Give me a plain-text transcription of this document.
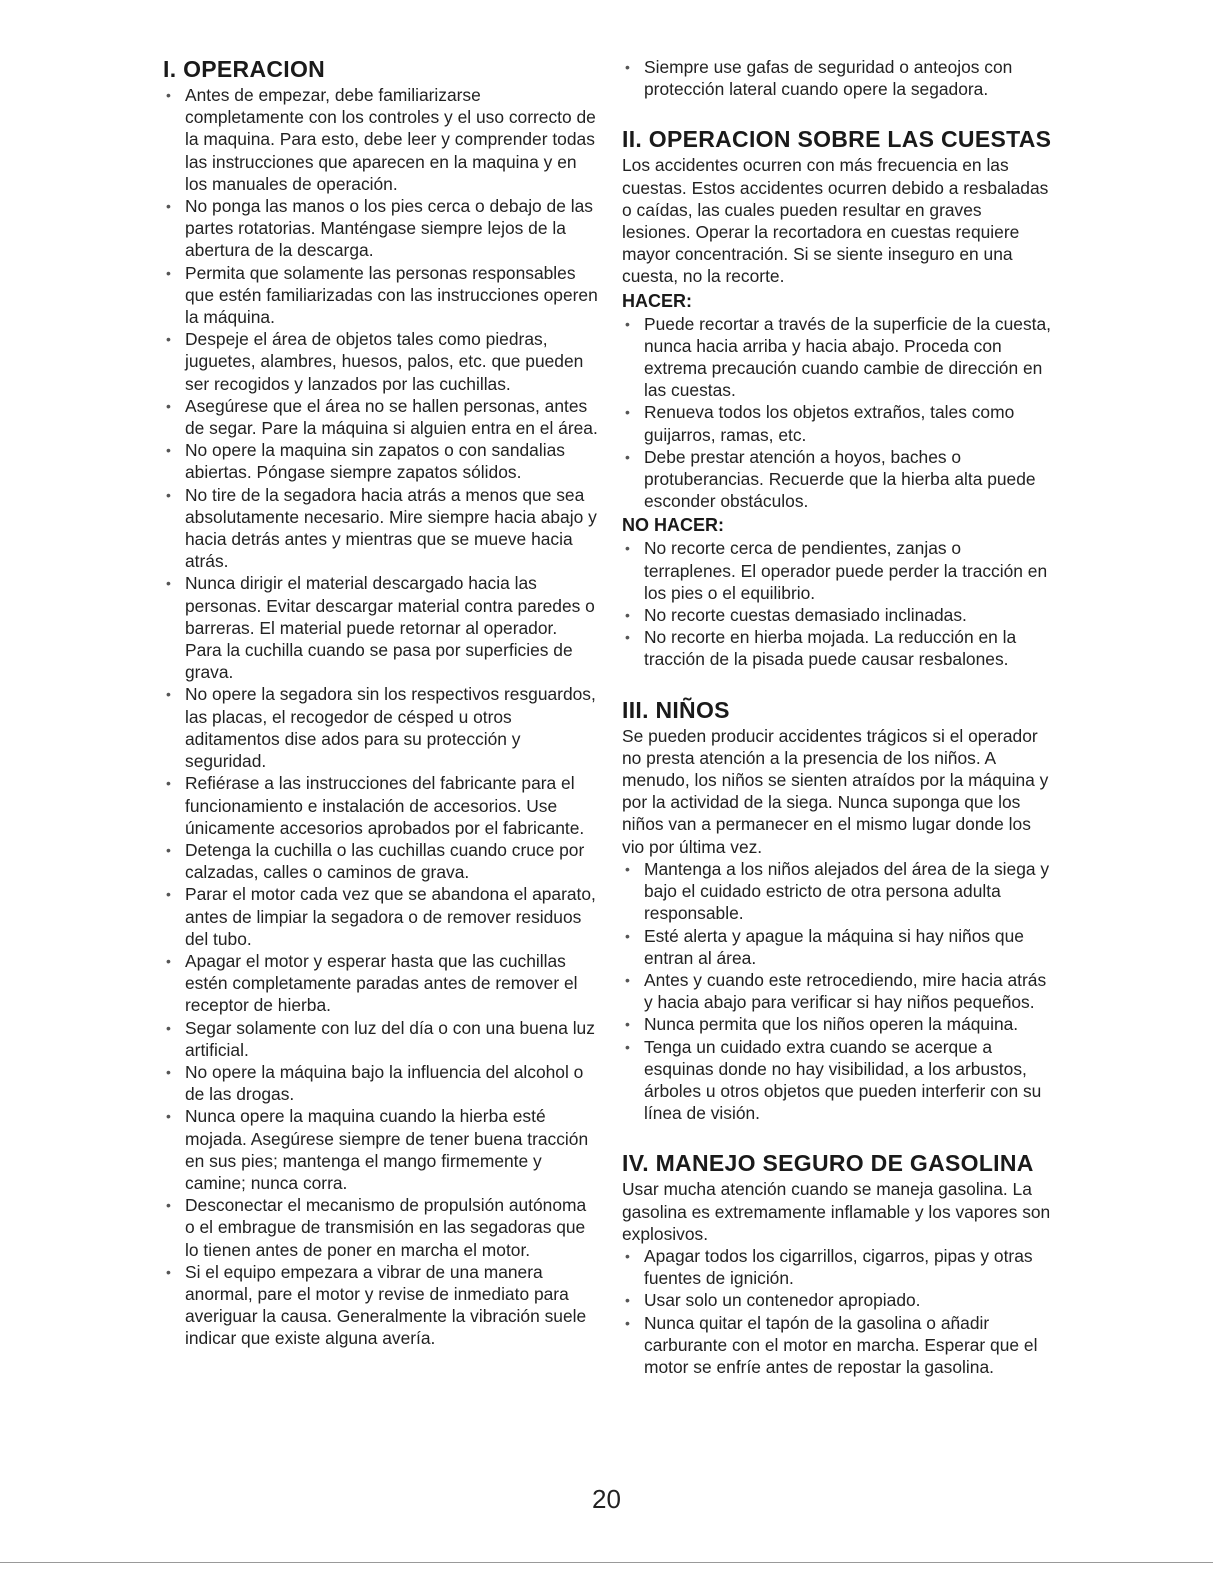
I. OPERACION
• Antes de empezar, debe familiarizarse completamente con los controles y el uso correcto de la maquina. Para esto, debe leer y comprender todas las instrucciones que aparecen en la maquina y en los manuales de operación.
• No ponga las manos o los pies cerca o debajo de las partes rotatorias. Manténgase siempre lejos de la abertura de la descarga.
• Permita que solamente las personas responsables que estén familiarizadas con las instrucciones operen la máquina.
• Despeje el área de objetos tales como piedras, juguetes, alambres, huesos, palos, etc. que pueden ser recogidos y lanzados por las cuchillas.
• Asegúrese que el área no se hallen personas, antes de segar. Pare la máquina si alguien entra en el área.
• No opere la maquina sin zapatos o con sandalias abiertas. Póngase siempre zapatos sólidos.
• No tire de la segadora hacia atrás a menos que sea absolutamente necesario. Mire siempre hacia abajo y hacia detrás antes y mientras que se mueve hacia atrás.
• Nunca dirigir el material descargado hacia las personas. Evitar descargar material contra paredes o barreras. El material puede retornar al operador. Para la cuchilla cuando se pasa por superficies de grava.
• No opere la segadora sin los respectivos resguardos, las placas, el recogedor de césped u otros aditamentos dise ados para su protección y seguridad.
• Refiérase a las instrucciones del fabricante para el funcionamiento e instalación de accesorios. Use únicamente accesorios aprobados por el fabricante.
• Detenga la cuchilla o las cuchillas cuando cruce por calzadas, calles o caminos de grava.
• Parar el motor cada vez que se abandona el aparato, antes de limpiar la segadora o de remover residuos del tubo.
• Apagar el motor y esperar hasta que las cuchillas estén completamente paradas antes de remover el receptor de hierba.
• Segar solamente con luz del día o con una buena luz artificial.
• No opere la máquina bajo la influencia del alcohol o de las drogas.
• Nunca opere la maquina cuando la hierba esté mojada. Asegúrese siempre de tener buena tracción en sus pies; mantenga el mango firmemente y camine; nunca corra.
• Desconectar el mecanismo de propulsión autónoma o el embrague de transmisión en las segadoras que lo tienen antes de poner en marcha el motor.
• Si el equipo empezara a vibrar de una manera anormal, pare el motor y revise de inmediato para averiguar la causa. Generalmente la vibración suele indicar que existe alguna avería.
• Siempre use gafas de seguridad o anteojos con protección lateral cuando opere la segadora.
II. OPERACION SOBRE LAS CUESTAS

Los accidentes ocurren con más frecuencia en las cuestas. Estos accidentes ocurren debido a resbaladas o caídas, las cuales pueden resultar en graves lesiones. Operar la recortadora en cuestas requiere mayor concentración. Si se siente inseguro en una cuesta, no la recorte.

HACER:
• Puede recortar a través de la superficie de la cuesta, nunca hacia arriba y hacia abajo. Proceda con extrema precaución cuando cambie de dirección en las cuestas.
• Renueva todos los objetos extraños, tales como guijarros, ramas, etc.
• Debe prestar atención a hoyos, baches o protuberancias. Recuerde que la hierba alta puede esconder obstáculos.
NO HACER:
• No recorte cerca de pendientes, zanjas o terraplenes. El operador puede perder la tracción en los pies o el equilibrio.
• No recorte cuestas demasiado inclinadas.
• No recorte en hierba mojada. La reducción en la tracción de la pisada puede causar resbalones.
III. NIÑOS

Se pueden producir accidentes trágicos si el operador no presta atención a la presencia de los niños. A menudo, los niños se sienten atraídos por la máquina y por la actividad de la siega. Nunca suponga que los niños van a permanecer en el mismo lugar donde los vio por última vez.

• Mantenga a los niños alejados del área de la siega y bajo el cuidado estricto de otra persona adulta responsable.
• Esté alerta y apague la máquina si hay niños que entran al área.
• Antes y cuando este retrocediendo, mire hacia atrás y hacia abajo para verificar si hay niños pequeños.
• Nunca permita que los niños operen la máquina.
• Tenga un cuidado extra cuando se acerque a esquinas donde no hay visibilidad, a los arbustos, árboles u otros objetos que pueden interferir con su línea de visión.
IV. MANEJO SEGURO DE GASOLINA

Usar mucha atención cuando se maneja gasolina. La gasolina es extremamente inflamable y los vapores son explosivos.

• Apagar todos los cigarrillos, cigarros, pipas y otras fuentes de ignición.
• Usar solo un contenedor apropiado.
• Nunca quitar el tapón de la gasolina o añadir carburante con el motor en marcha. Esperar que el motor se enfríe antes de repostar la gasolina.
20
